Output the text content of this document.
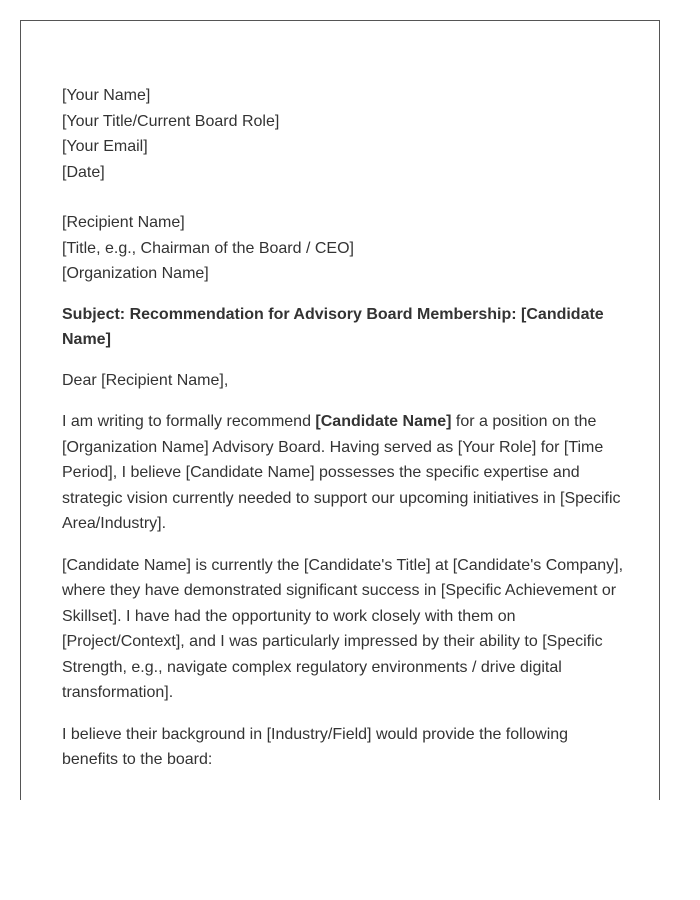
[Your Name]
[Your Title/Current Board Role]
[Your Email]
[Date]
[Recipient Name]
[Title, e.g., Chairman of the Board / CEO]
[Organization Name]

Subject: Recommendation for Advisory Board Membership: [Candidate Name]

Dear [Recipient Name],

I am writing to formally recommend [Candidate Name] for a position on the [Organization Name] Advisory Board. Having served as [Your Role] for [Time Period], I believe [Candidate Name] possesses the specific expertise and strategic vision currently needed to support our upcoming initiatives in [Specific Area/Industry].

[Candidate Name] is currently the [Candidate's Title] at [Candidate's Company], where they have demonstrated significant success in [Specific Achievement or Skillset]. I have had the opportunity to work closely with them on [Project/Context], and I was particularly impressed by their ability to [Specific Strength, e.g., navigate complex regulatory environments / drive digital transformation].

I believe their background in [Industry/Field] would provide the following benefits to the board:
